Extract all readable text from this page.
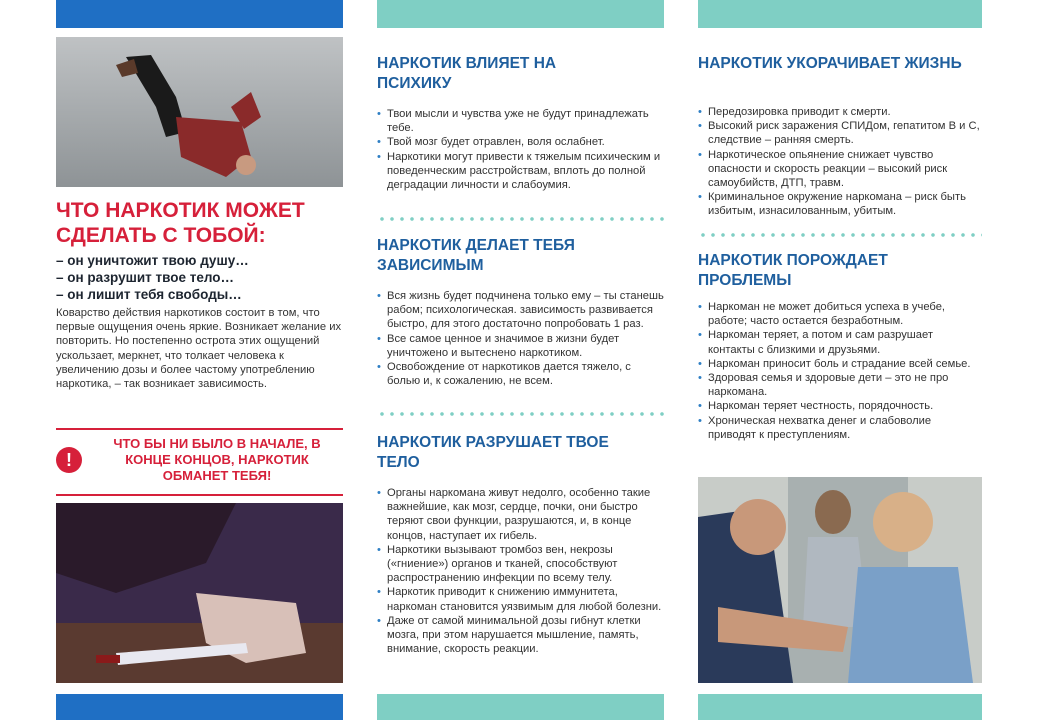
ЧТО НАРКОТИК МОЖЕТ СДЕЛАТЬ С ТОБОЙ:
– он уничтожит твою душу…
– он разрушит твое тело…
– он лишит тебя свободы…

Коварство действия наркотиков состоит в том, что первые ощущения очень яркие. Возникает желание их повторить. Но постепенно острота этих ощущений ускользает, меркнет, что толкает человека к увеличению дозы и более частому употреблению наркотика, – так возникает зависимость.

!
ЧТО БЫ НИ БЫЛО В НАЧАЛЕ, В КОНЦЕ КОНЦОВ, НАРКОТИК ОБМАНЕТ ТЕБЯ!
НАРКОТИК ВЛИЯЕТ НА ПСИХИКУ
• Твои мысли и чувства уже не будут принадлежать тебе.
• Твой мозг будет отравлен, воля ослабнет.
• Наркотики могут привести к тяжелым психическим и поведенческим расстройствам, вплоть до полной деградации личности и слабоумия.
НАРКОТИК ДЕЛАЕТ ТЕБЯ ЗАВИСИМЫМ
• Вся жизнь будет подчинена только ему – ты станешь рабом; психологическая. зависимость развивается быстро, для этого достаточно попробовать 1 раз.
• Все самое ценное и значимое в жизни будет уничтожено и вытеснено наркотиком.
• Освобождение от наркотиков дается тяжело, с болью и, к сожалению, не всем.
НАРКОТИК РАЗРУШАЕТ ТВОЕ ТЕЛО
• Органы наркомана живут недолго, особенно такие важнейшие, как мозг, сердце, почки, они быстро теряют свои функции, разрушаются, и, в конце концов, наступает их гибель.
• Наркотики вызывают тромбоз вен, некрозы («гниение») органов и тканей, способствуют распространению инфекции по всему телу.
• Наркотик приводит к снижению иммунитета, наркоман становится уязвимым для любой болезни.
• Даже от самой минимальной дозы гибнут клетки мозга, при этом нарушается мышление, память, внимание, скорость реакции.
НАРКОТИК УКОРАЧИВАЕТ ЖИЗНЬ
• Передозировка приводит к смерти.
• Высокий риск заражения СПИДом, гепатитом В и С, следствие – ранняя смерть.
• Наркотическое опьянение снижает чувство опасности и скорость реакции – высокий риск самоубийств, ДТП, травм.
• Криминальное окружение наркомана – риск быть избитым, изнасилованным, убитым.
НАРКОТИК ПОРОЖДАЕТ ПРОБЛЕМЫ
• Наркоман не может добиться успеха в учебе, работе; часто остается безработным.
• Наркоман теряет, а потом и сам разрушает контакты с близкими и друзьями.
• Наркоман приносит боль и страдание всей семье.
• Здоровая семья и здоровые дети – это не про наркомана.
• Наркоман теряет честность, порядочность.
• Хроническая нехватка денег и слабоволие приводят к преступлениям.
